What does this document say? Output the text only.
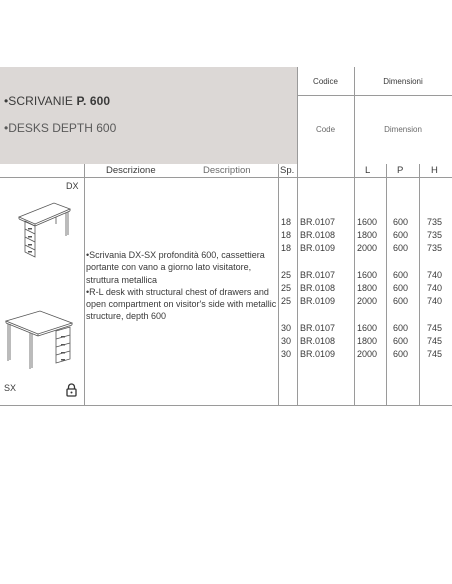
•SCRIVANIE P. 600
•DESKS DEPTH 600
Codice	Dimensioni
Code	Dimension
Descrizione	Description	Sp.	L	P	H
DX
SX

•Scrivania DX-SX profondità 600, cassettiera portante con vano a giorno lato visitatore, struttura metallica

•R-L desk with structural chest of drawers and open compartment on visitor's side with metallic structure, depth 600

18 BR.0107 1600 600 735
18 BR.0108 1800 600 735
18 BR.0109 2000 600 735
25 BR.0107 1600 600 740
25 BR.0108 1800 600 740
25 BR.0109 2000 600 740
30 BR.0107 1600 600 745
30 BR.0108 1800 600 745
30 BR.0109 2000 600 745
